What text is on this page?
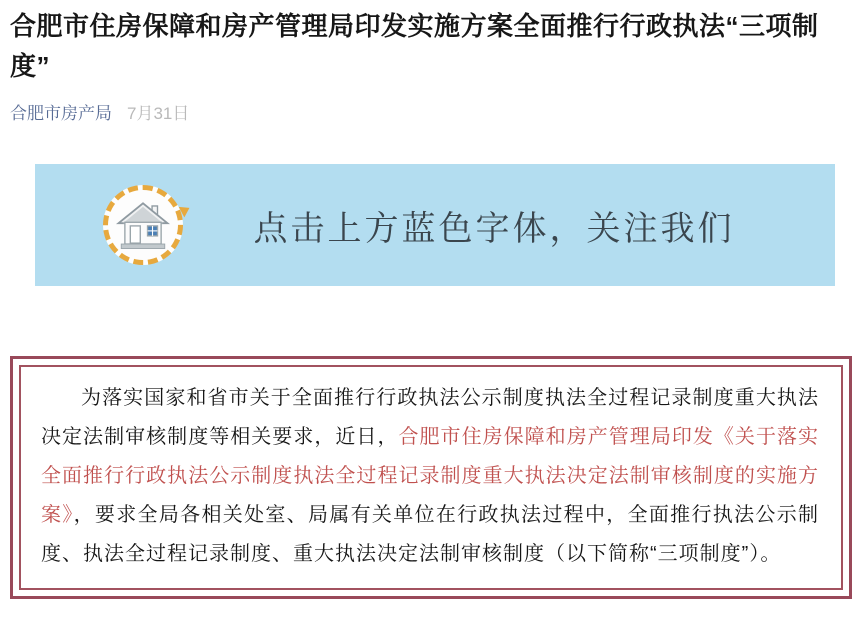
合肥市住房保障和房产管理局印发实施方案全面推行行政执法“三项制度”
合肥市房产局 7月31日
点击上方蓝色字体，关注我们

为落实国家和省市关于全面推行行政执法公示制度执法全过程记录制度重大执法决定法制审核制度等相关要求，近日，合肥市住房保障和房产管理局印发《关于落实全面推行行政执法公示制度执法全过程记录制度重大执法决定法制审核制度的实施方案》，要求全局各相关处室、局属有关单位在行政执法过程中，全面推行执法公示制度、执法全过程记录制度、重大执法决定法制审核制度（以下简称“三项制度”）。
